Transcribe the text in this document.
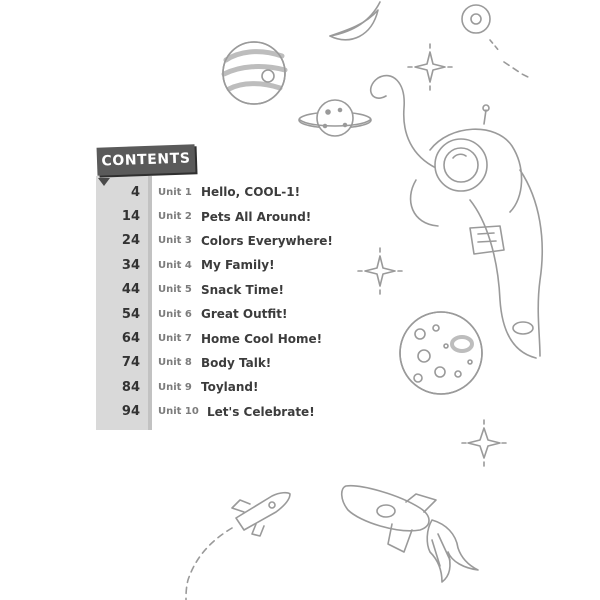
CONTENTS
4 Unit 1 Hello, COOL-1!
14 Unit 2 Pets All Around!
24 Unit 3 Colors Everywhere!
34 Unit 4 My Family!
44 Unit 5 Snack Time!
54 Unit 6 Great Outfit!
64 Unit 7 Home Cool Home!
74 Unit 8 Body Talk!
84 Unit 9 Toyland!
94 Unit 10 Let's Celebrate!
